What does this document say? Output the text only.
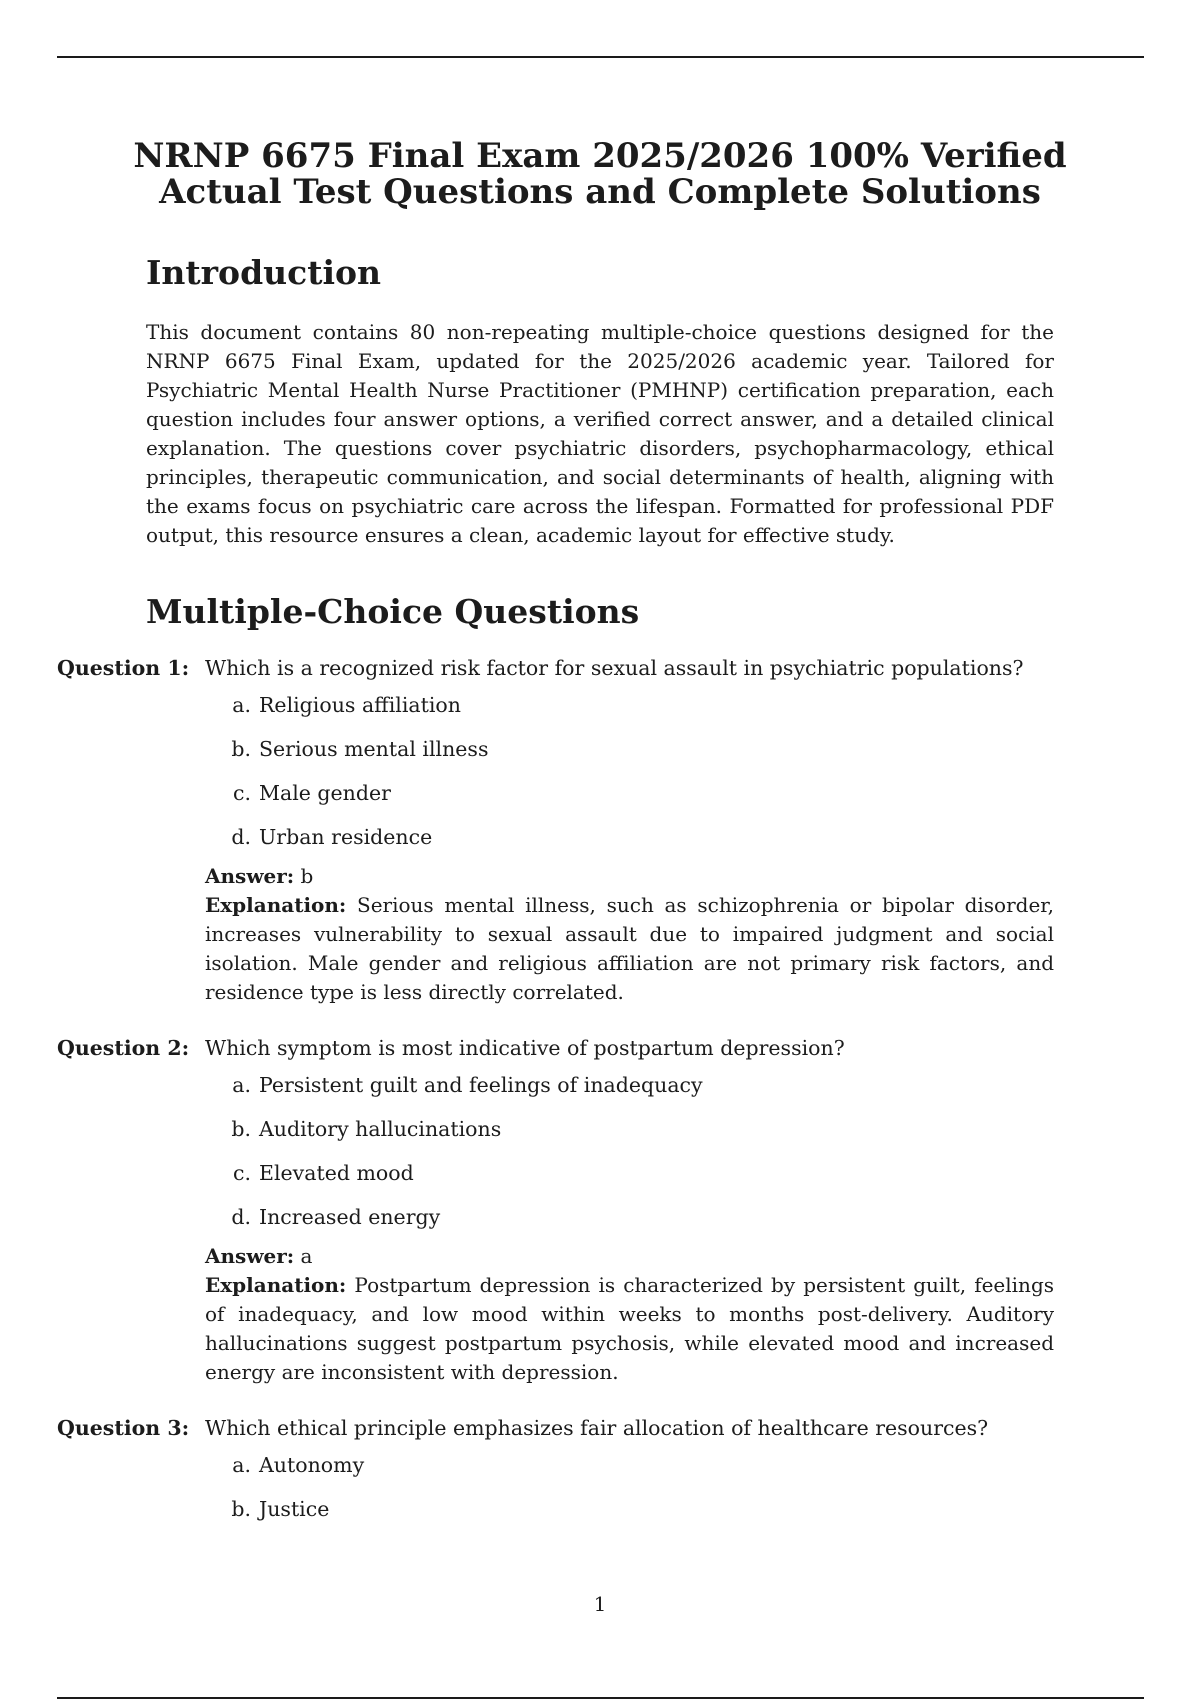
NRNP 6675 Final Exam 2025/2026 100% Verified
Actual Test Questions and Complete Solutions
Introduction
This document contains 80 non-repeating multiple-choice questions designed for the NRNP 6675 Final Exam, updated for the 2025/2026 academic year. Tailored for Psychiatric Mental Health Nurse Practitioner (PMHNP) certification preparation, each question includes four answer options, a verified correct answer, and a detailed clinical explanation. The questions cover psychiatric disorders, psychopharmacology, ethical principles, therapeutic communication, and social determinants of health, aligning with the exams focus on psychiatric care across the lifespan. Formatted for professional PDF output, this resource ensures a clean, academic layout for effective study.
Multiple-Choice Questions
Question 1: Which is a recognized risk factor for sexual assault in psychiatric populations?
a. Religious affiliation
b. Serious mental illness
c. Male gender
d. Urban residence
Answer: b
Explanation: Serious mental illness, such as schizophrenia or bipolar disorder, increases vulnerability to sexual assault due to impaired judgment and social isolation. Male gender and religious affiliation are not primary risk factors, and residence type is less directly correlated.
Question 2: Which symptom is most indicative of postpartum depression?
a. Persistent guilt and feelings of inadequacy
b. Auditory hallucinations
c. Elevated mood
d. Increased energy
Answer: a
Explanation: Postpartum depression is characterized by persistent guilt, feelings of inadequacy, and low mood within weeks to months post-delivery. Auditory hallucinations suggest postpartum psychosis, while elevated mood and increased energy are inconsistent with depression.
Question 3: Which ethical principle emphasizes fair allocation of healthcare resources?
a. Autonomy
b. Justice
1
